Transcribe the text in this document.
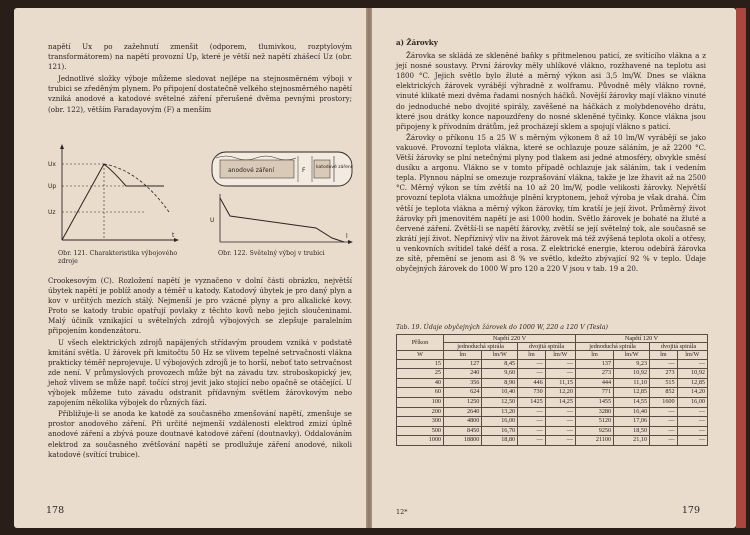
napětí Ux po zažehnutí zmenšit (odporem, tlumivkou, rozptylovým transformátorem) na napětí provozní Up, které je větší než napětí zhášecí Uz (obr. 121).

Jednotlivé složky výboje můžeme sledovat nejlépe na stejnosměrném výboji v trubici se zředěným plynem. Po připojení dostatečně velkého stejnosměrného napětí vzniká anodové a katodové světelné záření přerušené dvěma pevnými prostory; (obr. 122), větším Faradayovým (F) a menším

Ux
Up
Uz
t

Obr. 121. Charakteristika výbojového zdroje

anodové záření	F katodové záření
U
l

Obr. 122. Světelný výboj v trubici

Crookesovým (C). Rozložení napětí je vyznačeno v dolní části obrázku, největší úbytek napětí je poblíž anody a téměř u katody. Katodový úbytek je pro daný plyn a kov v určitých mezích stálý. Nejmenší je pro vzácné plyny a pro alkalické kovy. Proto se katody trubic opatřují povlaky z těchto kovů nebo jejich sloučeninami. Malý účiník vznikající u světelných zdrojů výbojových se zlepšuje paralelním připojením kondenzátoru.

U všech elektrických zdrojů napájených střídavým proudem vzniká v podstatě kmitání světla. U žárovek při kmitočtu 50 Hz se vlivem tepelné setrvačnosti vlákna prakticky téměř neprojevuje. U výbojových zdrojů je to horší, neboť tato setrvačnost zde není. V průmyslových provozech může být na závadu tzv. stroboskopický jev, jehož vlivem se může např. točící stroj jevit jako stojící nebo opačně se otáčející. U výbojek můžeme tuto závadu odstranit přídavným světlem žárovkovým nebo zapojením několika výbojek do různých fází.

Přibližuje-li se anoda ke katodě za současného zmenšování napětí, zmenšuje se prostor anodového záření. Při určité nejmenší vzdálenosti elektrod zmizí úplně anodové záření a zbývá pouze doutnavé katodové záření (doutnavky). Oddalováním elektrod za současného zvětšování napětí se prodlužuje záření anodové, nikoli katodové (svítící trubice).

178

a) Žárovky

Žárovka se skládá ze skleněné baňky s přitmelenou paticí, ze svítícího vlákna a z její nosné soustavy. První žárovky měly uhlíkové vlákno, rozžhavené na teplotu asi 1800 °C. Jejich světlo bylo žluté a měrný výkon asi 3,5 lm/W. Dnes se vlákna elektrických žárovek vyrábějí výhradně z wolframu. Původně měly vlákno rovné, vinuté klikatě mezi dvěma řadami nosných háčků. Novější žárovky mají vlákno vinuté do jednoduché nebo dvojité spirály, zavěšené na háčkách z molybdenového drátu, které jsou drátky konce napouzdřeny do nosné skleněné tyčinky. Konce vlákna jsou připojeny k přívodním drátům, jež procházejí sklem a spojují vlákno s paticí.

Žárovky o příkonu 15 a 25 W s měrným výkonem 8 až 10 lm/W vyrábějí se jako vakuové. Provozní teplota vlákna, které se ochlazuje pouze sáláním, je až 2200 °C. Větší žárovky se plní netečnými plyny pod tlakem asi jedné atmosféry, obvykle směsí dusíku a argonu. Vlákno se v tomto případě ochlazuje jak sáláním, tak i vedením tepla. Plynnou náplní se omezuje rozprašování vlákna, takže je lze žhavit až na 2500 °C. Měrný výkon se tím zvětší na 10 až 20 lm/W, podle velikosti žárovky. Největší provozní teplota vlákna umožňuje plnění kryptonem, jehož výroba je však drahá. Čím větší je teplota vlákna a měrný výkon žárovky, tím kratší je její život. Průměrný život žárovky při jmenovitém napětí je asi 1000 hodin. Světlo žárovek je bohaté na žluté a červené záření. Zvětší-li se napětí žárovky, zvětší se její světelný tok, ale současně se zkrátí její život. Nepříznivý vliv na život žárovek má též zvýšená teplota okolí a otřesy, u venkovních svítidel také déšť a rosa. Z elektrické energie, kterou odebírá žárovka ze sítě, přemění se jenom asi 8 % ve světlo, kdežto zbývající 92 % v teplo. Údaje obyčejných žárovek do 1000 W pro 120 a 220 V jsou v tab. 19 a 20.

Tab. 19. Údaje obyčejných žárovek do 1000 W, 220 a 120 V (Tesla)

Příkon	Napětí 220 V				Napětí 120 V			
	jednoduchá spirála		dvojitá spirála		jednoduchá spirála		dvojitá spirála	
W	lm	lm/W	lm	lm/W	lm	lm/W	lm	lm/W
15	127	8,45	—	—	137	9,23	—	—
25	240	9,60	—	—	273	10,92	273	10,92
40	356	8,90	446	11,15	444	11,10	515	12,85
60	624	10,40	730	12,20	771	12,85	852	14,20
100	1250	12,50	1425	14,25	1455	14,55	1600	16,00
200	2640	13,20	—	—	3280	16,40	—	—
300	4800	16,00	—	—	5120	17,06	—	—
500	8450	16,70	—	—	9250	18,50	—	—
1000	18800	18,80	—	—	21100	21,10	—	—
12*	179
